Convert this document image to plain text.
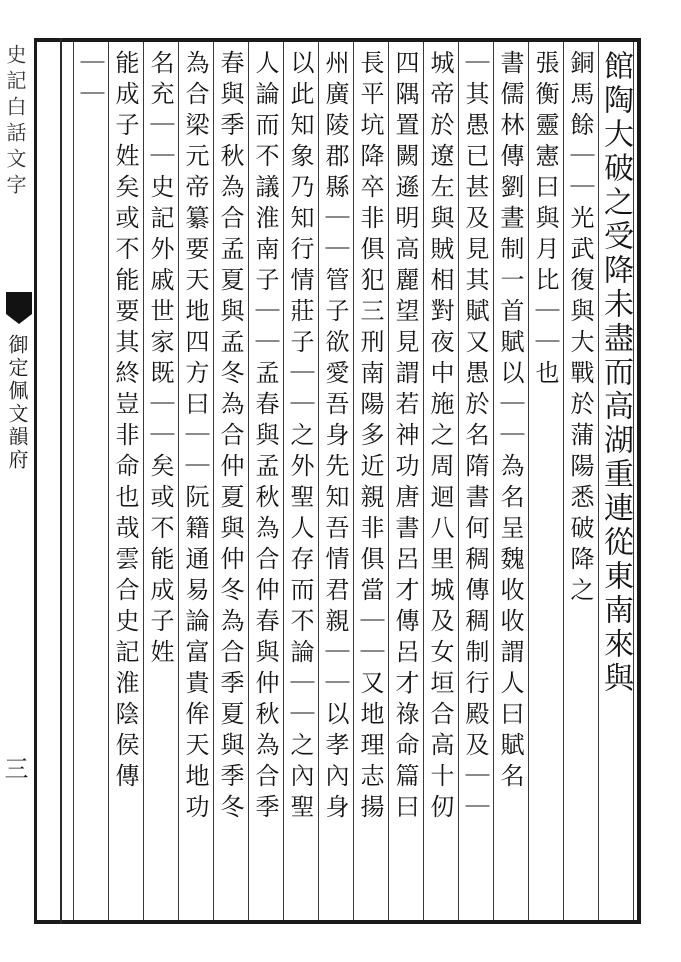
史記白話文字
御定佩文韻府
三
館陶大破之受降未盡而高湖重連從東南來與
銅馬餘｜｜光武復與大戰於蒲陽悉破降之
張衡靈憲曰與月比｜｜也
書儒林傳劉晝制一首賦以｜｜為名呈魏收收謂人曰賦名
｜其愚已甚及見其賦又愚於名隋書何稠傳稠制行殿及｜｜
城帝於遼左與賊相對夜中施之周迴八里城及女垣合高十仞
四隅置闕遜明高麗望見謂若神功唐書呂才傳呂才祿命篇曰
長平坑降卒非俱犯三刑南陽多近親非俱當｜｜又地理志揚
州廣陵郡縣｜｜管子欲愛吾身先知吾情君親｜｜以孝內身
以此知象乃知行情莊子｜｜之外聖人存而不論｜｜之內聖
人論而不議淮南子｜｜孟春與孟秋為合仲春與仲秋為合季
春與季秋為合孟夏與孟冬為合仲夏與仲冬為合季夏與季冬
為合梁元帝纂要天地四方曰｜｜阮籍通易論富貴侔天地功
名充｜｜史記外戚世家既｜｜矣或不能成子姓
能成子姓矣或不能要其終豈非命也哉雲合史記淮陰侯傳
｜｜
